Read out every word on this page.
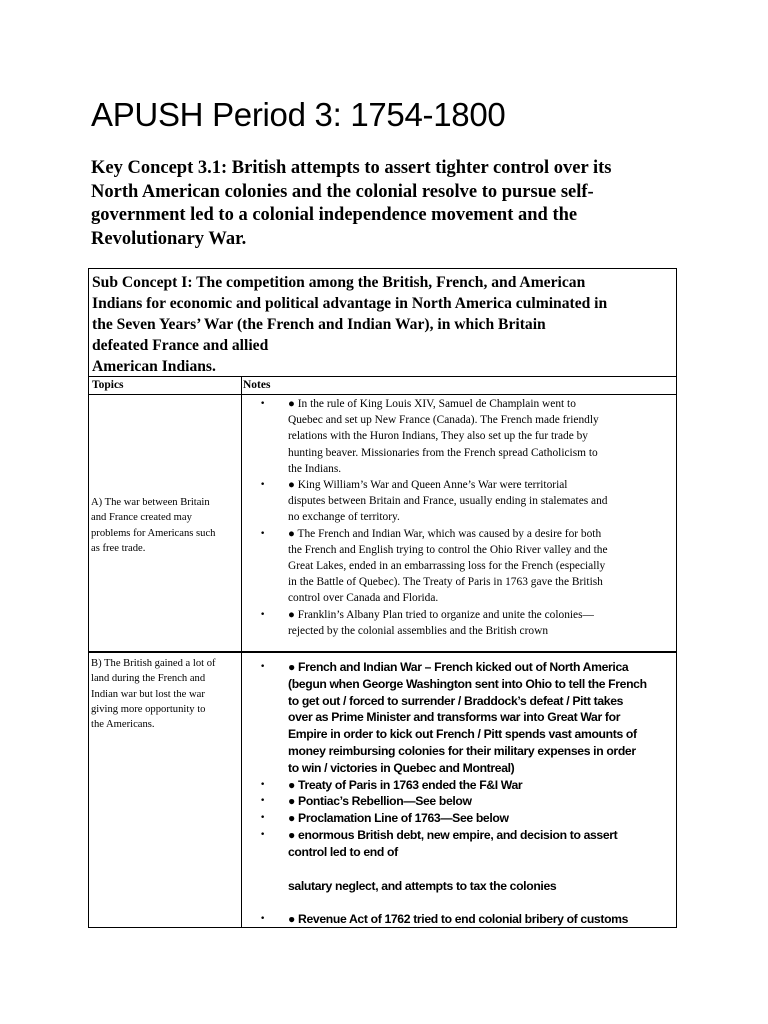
APUSH Period 3: 1754-1800

Key Concept 3.1: British attempts to assert tighter control over its
North American colonies and the colonial resolve to pursue self-
government led to a colonial independence movement and the
Revolutionary War.

Sub Concept I: The competition among the British, French, and American
Indians for economic and political advantage in North America culminated in
the Seven Years’ War (the French and Indian War), in which Britain
defeated France and allied
American Indians.
Topics	Notes
A) The war between Britain
and France created may
problems for Americans such
as free trade.
• ● In the rule of King Louis XIV, Samuel de Champlain went to
Quebec and set up New France (Canada). The French made friendly
relations with the Huron Indians, They also set up the fur trade by
hunting beaver. Missionaries from the French spread Catholicism to
the Indians.
• ● King William’s War and Queen Anne’s War were territorial
disputes between Britain and France, usually ending in stalemates and
no exchange of territory.
• ● The French and Indian War, which was caused by a desire for both
the French and English trying to control the Ohio River valley and the
Great Lakes, ended in an embarrassing loss for the French (especially
in the Battle of Quebec). The Treaty of Paris in 1763 gave the British
control over Canada and Florida.
• ● Franklin’s Albany Plan tried to organize and unite the colonies—
rejected by the colonial assemblies and the British crown
B) The British gained a lot of
land during the French and
Indian war but lost the war
giving more opportunity to
the Americans.
• ● French and Indian War – French kicked out of North America
(begun when George Washington sent into Ohio to tell the French
to get out / forced to surrender / Braddock’s defeat / Pitt takes
over as Prime Minister and transforms war into Great War for
Empire in order to kick out French / Pitt spends vast amounts of
money reimbursing colonies for their military expenses in order
to win / victories in Quebec and Montreal)
• ● Treaty of Paris in 1763 ended the F&I War
• ● Pontiac’s Rebellion—See below
• ● Proclamation Line of 1763—See below
• ● enormous British debt, new empire, and decision to assert
control led to end of
salutary neglect, and attempts to tax the colonies
• ● Revenue Act of 1762 tried to end colonial bribery of customs
